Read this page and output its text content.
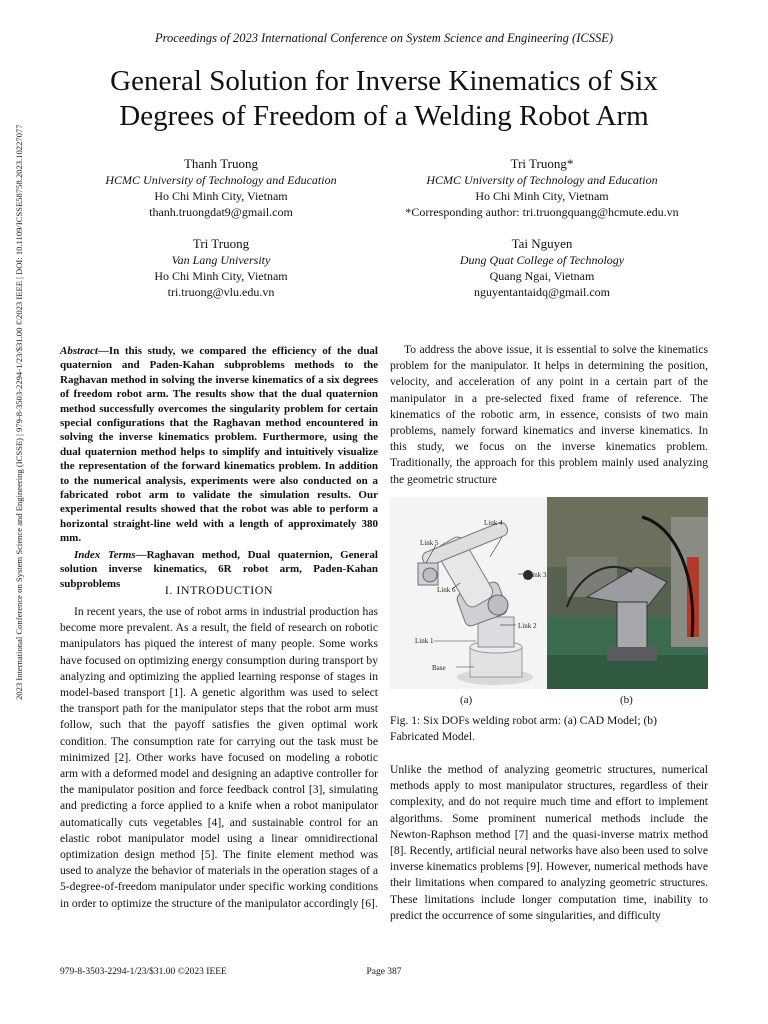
Proceedings of 2023 International Conference on System Science and Engineering (ICSSE)
General Solution for Inverse Kinematics of Six
Degrees of Freedom of a Welding Robot Arm
2023 International Conference on System Science and Engineering (ICSSE) | 979-8-3503-2294-1/23/$31.00 ©2023 IEEE | DOI: 10.1109/ICSSE58758.2023.10227077	Thanh Truong
HCMC University of Technology and Education
Ho Chi Minh City, Vietnam
thanh.truongdat9@gmail.com
Tri Truong*
HCMC University of Technology and Education
Ho Chi Minh City, Vietnam
*Corresponding author: tri.truongquang@hcmute.edu.vn
Tri Truong
Van Lang University
Ho Chi Minh City, Vietnam
tri.truong@vlu.edu.vn
Tai Nguyen
Dung Quat College of Technology
Quang Ngai, Vietnam
nguyentantaidq@gmail.com

Abstract—In this study, we compared the efficiency of the dual quaternion and Paden-Kahan subproblems methods to the Raghavan method in solving the inverse kinematics of a six degrees of freedom robot arm. The results show that the dual quaternion method successfully overcomes the singularity problem for certain special configurations that the Raghavan method encountered in solving the inverse kinematics problem. Furthermore, using the dual quaternion method helps to simplify and intuitively visualize the representation of the forward kinematics problem. In addition to the numerical analysis, experiments were also conducted on a fabricated robot arm to validate the simulation results. Our experimental results showed that the robot was able to perform a horizontal straight-line weld with a length of approximately 380 mm.

Index Terms—Raghavan method, Dual quaternion, General solution inverse kinematics, 6R robot arm, Paden-Kahan subproblems	I. INTRODUCTION

In recent years, the use of robot arms in industrial production has become more prevalent. As a result, the field of research on robotic manipulators has piqued the interest of many people. Some works have focused on optimizing energy consumption during transport by analyzing and optimizing the applied learning response of stages in model-based transport [1]. A genetic algorithm was used to select the transport path for the manipulator steps that the robot arm must follow, such that the payoff satisfies the given optimal work condition. The consumption rate for carrying out the task must be minimized [2]. Other works have focused on modeling a robotic arm with a deformed model and designing an adaptive controller for the manipulator position and force feedback control [3], simulating and predicting a force applied to a knife when a robot manipulator automatically cuts vegetables [4], and sustainable control for an elastic robot manipulator model using a linear omnidirectional optimization design method [5]. The finite element method was used to analyze the behavior of materials in the operation stages of a 5-degree-of-freedom manipulator under specific working conditions in order to optimize the structure of the manipulator accordingly [6].

To address the above issue, it is essential to solve the kinematics problem for the manipulator. It helps in determining the position, velocity, and acceleration of any point in a certain part of the manipulator in a pre-selected fixed frame of reference. The kinematics of the robotic arm, in essence, consists of two main problems, namely forward kinematics and inverse kinematics. In this study, we focus on the inverse kinematics problem. Traditionally, the approach for this problem mainly used analyzing the geometric structure

Link 4
Link 5
Link 3
Link 6
Link 2
Link 1
Base
(a)	(b)
Fig. 1: Six DOFs welding robot arm: (a) CAD Model; (b) Fabricated Model.

Unlike the method of analyzing geometric structures, numerical methods apply to most manipulator structures, regardless of their complexity, and do not require much time and effort to implement algorithms. Some prominent numerical methods include the Newton-Raphson method [7] and the quasi-inverse matrix method [8]. Recently, artificial neural networks have also been used to solve inverse kinematics problems [9]. However, numerical methods have their limitations when compared to analyzing geometric structures. These limitations include longer computation time, inability to predict the occurrence of some singularities, and difficulty

979-8-3503-2294-1/23/$31.00 ©2023 IEEE	Page 387
